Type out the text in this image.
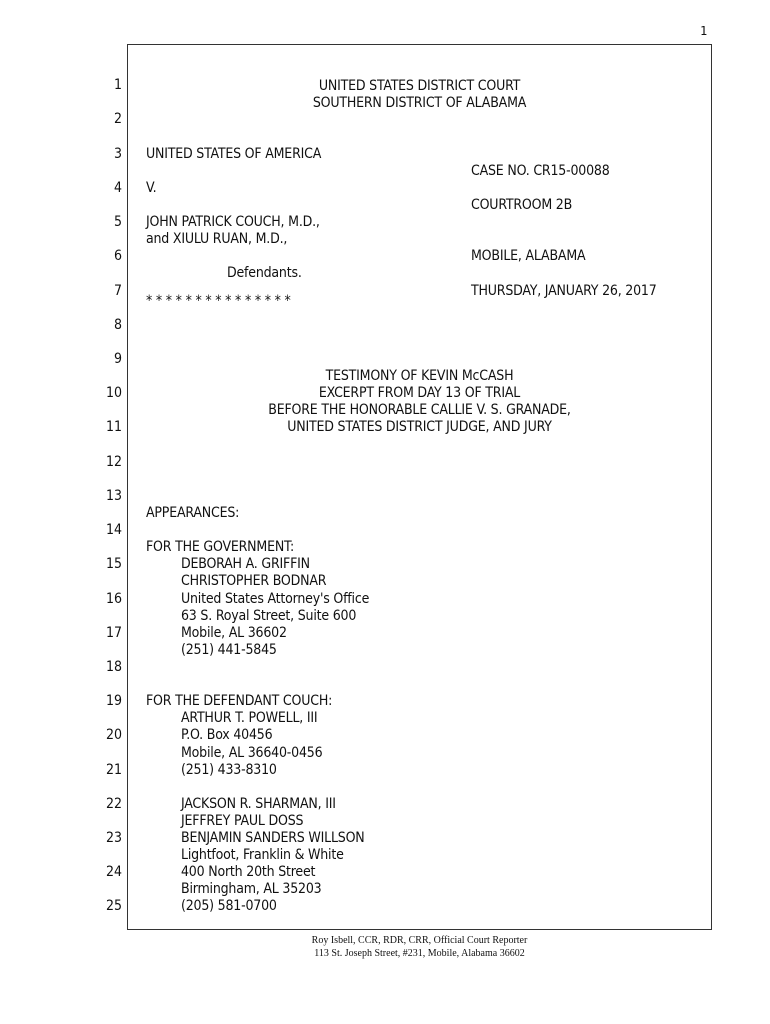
1
1
2
3
4
5
6
7
8
9
10
11
12
13
14
15
16
17
18
19
20
21
22
23
24
25
UNITED STATES DISTRICT COURT
SOUTHERN DISTRICT OF ALABAMA
UNITED STATES OF AMERICA
V.
JOHN PATRICK COUCH, M.D.,
and XIULU RUAN, M.D.,
Defendants.
* * * * * * * * * * * * * * *
CASE NO. CR15-00088
COURTROOM 2B
MOBILE, ALABAMA
THURSDAY, JANUARY 26, 2017
TESTIMONY OF KEVIN McCASH
EXCERPT FROM DAY 13 OF TRIAL
BEFORE THE HONORABLE CALLIE V. S. GRANADE,
UNITED STATES DISTRICT JUDGE, AND JURY
APPEARANCES:
FOR THE GOVERNMENT:
DEBORAH A. GRIFFIN
CHRISTOPHER BODNAR
United States Attorney's Office
63 S. Royal Street, Suite 600
Mobile, AL 36602
(251) 441-5845
FOR THE DEFENDANT COUCH:
ARTHUR T. POWELL, III
P.O. Box 40456
Mobile, AL 36640-0456
(251) 433-8310
JACKSON R. SHARMAN, III
JEFFREY PAUL DOSS
BENJAMIN SANDERS WILLSON
Lightfoot, Franklin & White
400 North 20th Street
Birmingham, AL 35203
(205) 581-0700
Roy Isbell, CCR, RDR, CRR, Official Court Reporter
113 St. Joseph Street, #231, Mobile, Alabama 36602
